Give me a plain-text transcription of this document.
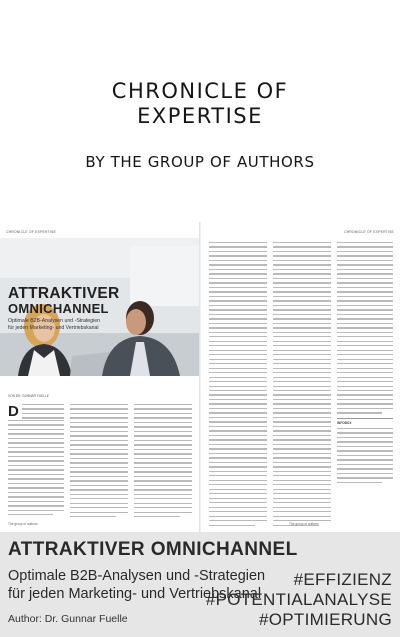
CHRONICLE OF
EXPERTISE
BY THE GROUP OF AUTHORS
CHRONICLE OF EXPERTISE
ATTRAKTIVER
OMNICHANNEL
Optimale B2B-Analysen und -Strategien
für jeden Marketing- und Vertriebskanal
VON DR. GUNNAR FUELLE
D
The group of authors
CHRONICLE OF EXPERTISE
INFOBOX
The group of authors
ATTRAKTIVER OMNICHANNEL
Optimale B2B-Analysen und -Strategien
für jeden Marketing- und Vertriebskanal
Author: Dr. Gunnar Fuelle
#EFFIZIENZ
#POTENTIALANALYSE
#OPTIMIERUNG
